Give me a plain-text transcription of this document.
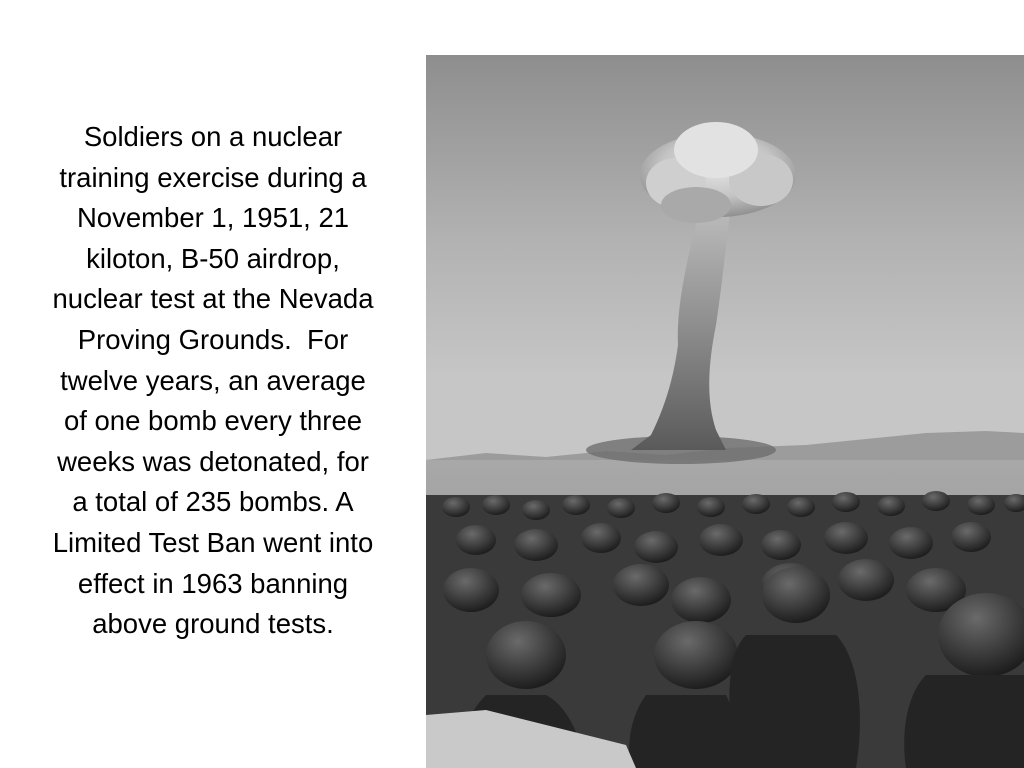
Soldiers on a nuclear
training exercise during a
November 1, 1951, 21
kiloton, B-50 airdrop,
nuclear test at the Nevada
Proving Grounds.  For
twelve years, an average
of one bomb every three
weeks was detonated, for
a total of 235 bombs. A
Limited Test Ban went into
effect in 1963 banning
above ground tests.
